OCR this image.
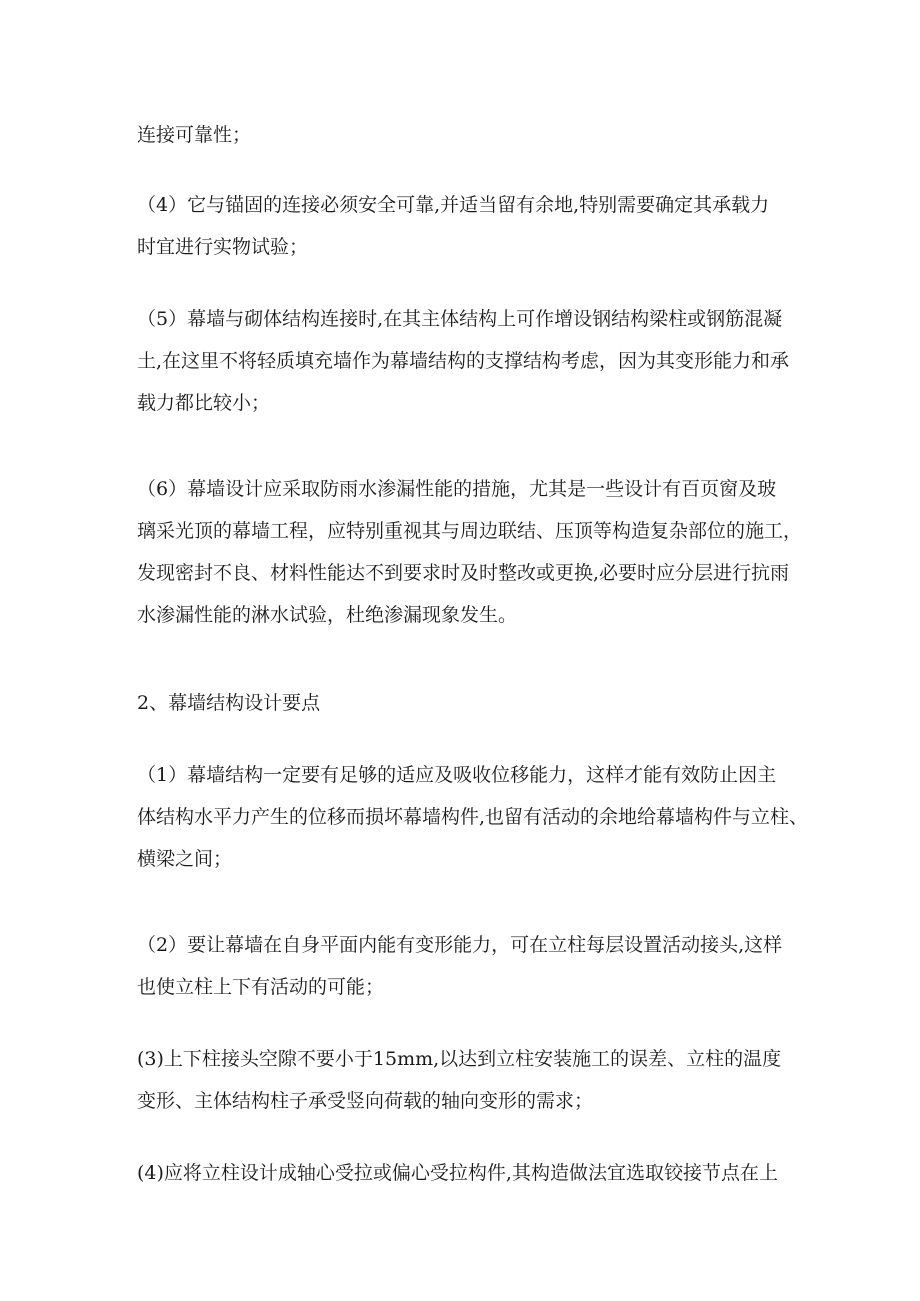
连接可靠性；
（4）它与锚固的连接必须安全可靠,并适当留有余地,特别需要确定其承载力
时宜进行实物试验；
（5）幕墙与砌体结构连接时,在其主体结构上可作增设钢结构梁柱或钢筋混凝
土,在这里不将轻质填充墙作为幕墙结构的支撑结构考虑，因为其变形能力和承
载力都比较小；
（6）幕墙设计应采取防雨水渗漏性能的措施，尤其是一些设计有百页窗及玻
璃采光顶的幕墙工程，应特别重视其与周边联结、压顶等构造复杂部位的施工，
发现密封不良、材料性能达不到要求时及时整改或更换,必要时应分层进行抗雨
水渗漏性能的淋水试验，杜绝渗漏现象发生。
2、幕墙结构设计要点
（1）幕墙结构一定要有足够的适应及吸收位移能力，这样才能有效防止因主
体结构水平力产生的位移而损坏幕墙构件,也留有活动的余地给幕墙构件与立柱、
横梁之间；
（2）要让幕墙在自身平面内能有变形能力，可在立柱每层设置活动接头,这样
也使立柱上下有活动的可能；
(3)上下柱接头空隙不要小于15mm,以达到立柱安装施工的误差、立柱的温度
变形、主体结构柱子承受竖向荷载的轴向变形的需求；
(4)应将立柱设计成轴心受拉或偏心受拉构件,其构造做法宜选取铰接节点在上
